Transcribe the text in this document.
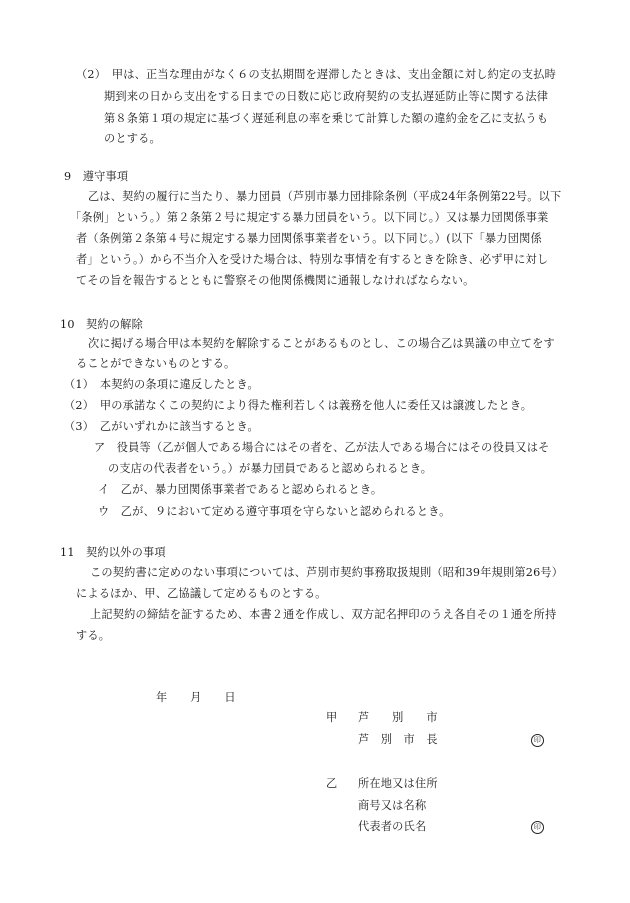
（2）　甲は、正当な理由がなく６の支払期間を遅滞したときは、支出金額に対し約定の支払時
期到来の日から支出をする日までの日数に応じ政府契約の支払遅延防止等に関する法律
第８条第１項の規定に基づく遅延利息の率を乗じて計算した額の違約金を乙に支払うも
のとする。
9　遵守事項
乙は、契約の履行に当たり、暴力団員（芦別市暴力団排除条例（平成24年条例第22号。以下
「条例」という。）第２条第２号に規定する暴力団員をいう。以下同じ。）又は暴力団関係事業
者（条例第２条第４号に規定する暴力団関係事業者をいう。以下同じ。）(以下「暴力団関係
者」という。）から不当介入を受けた場合は、特別な事情を有するときを除き、必ず甲に対し
てその旨を報告するとともに警察その他関係機関に通報しなければならない。
10　契約の解除
次に掲げる場合甲は本契約を解除することがあるものとし、この場合乙は異議の申立てをす
ることができないものとする。
（1）　本契約の条項に違反したとき。
（2）　甲の承諾なくこの契約により得た権利若しくは義務を他人に委任又は譲渡したとき。
（3）　乙がいずれかに該当するとき。
ア　役員等（乙が個人である場合にはその者を、乙が法人である場合にはその役員又はそ
の支店の代表者をいう。）が暴力団員であると認められるとき。
イ　乙が、暴力団関係事業者であると認められるとき。
ウ　乙が、９において定める遵守事項を守らないと認められるとき。
11　契約以外の事項
この契約書に定めのない事項については、芦別市契約事務取扱規則（昭和39年規則第26号）
によるほか、甲、乙協議して定めるものとする。
上記契約の締結を証するため、本書２通を作成し、双方記名押印のうえ各自その１通を所持
する。
年　　月　　日
甲 芦　　別　　市
芦　別　市　長	印
乙 所在地又は住所
商号又は名称
代表者の氏名	印
